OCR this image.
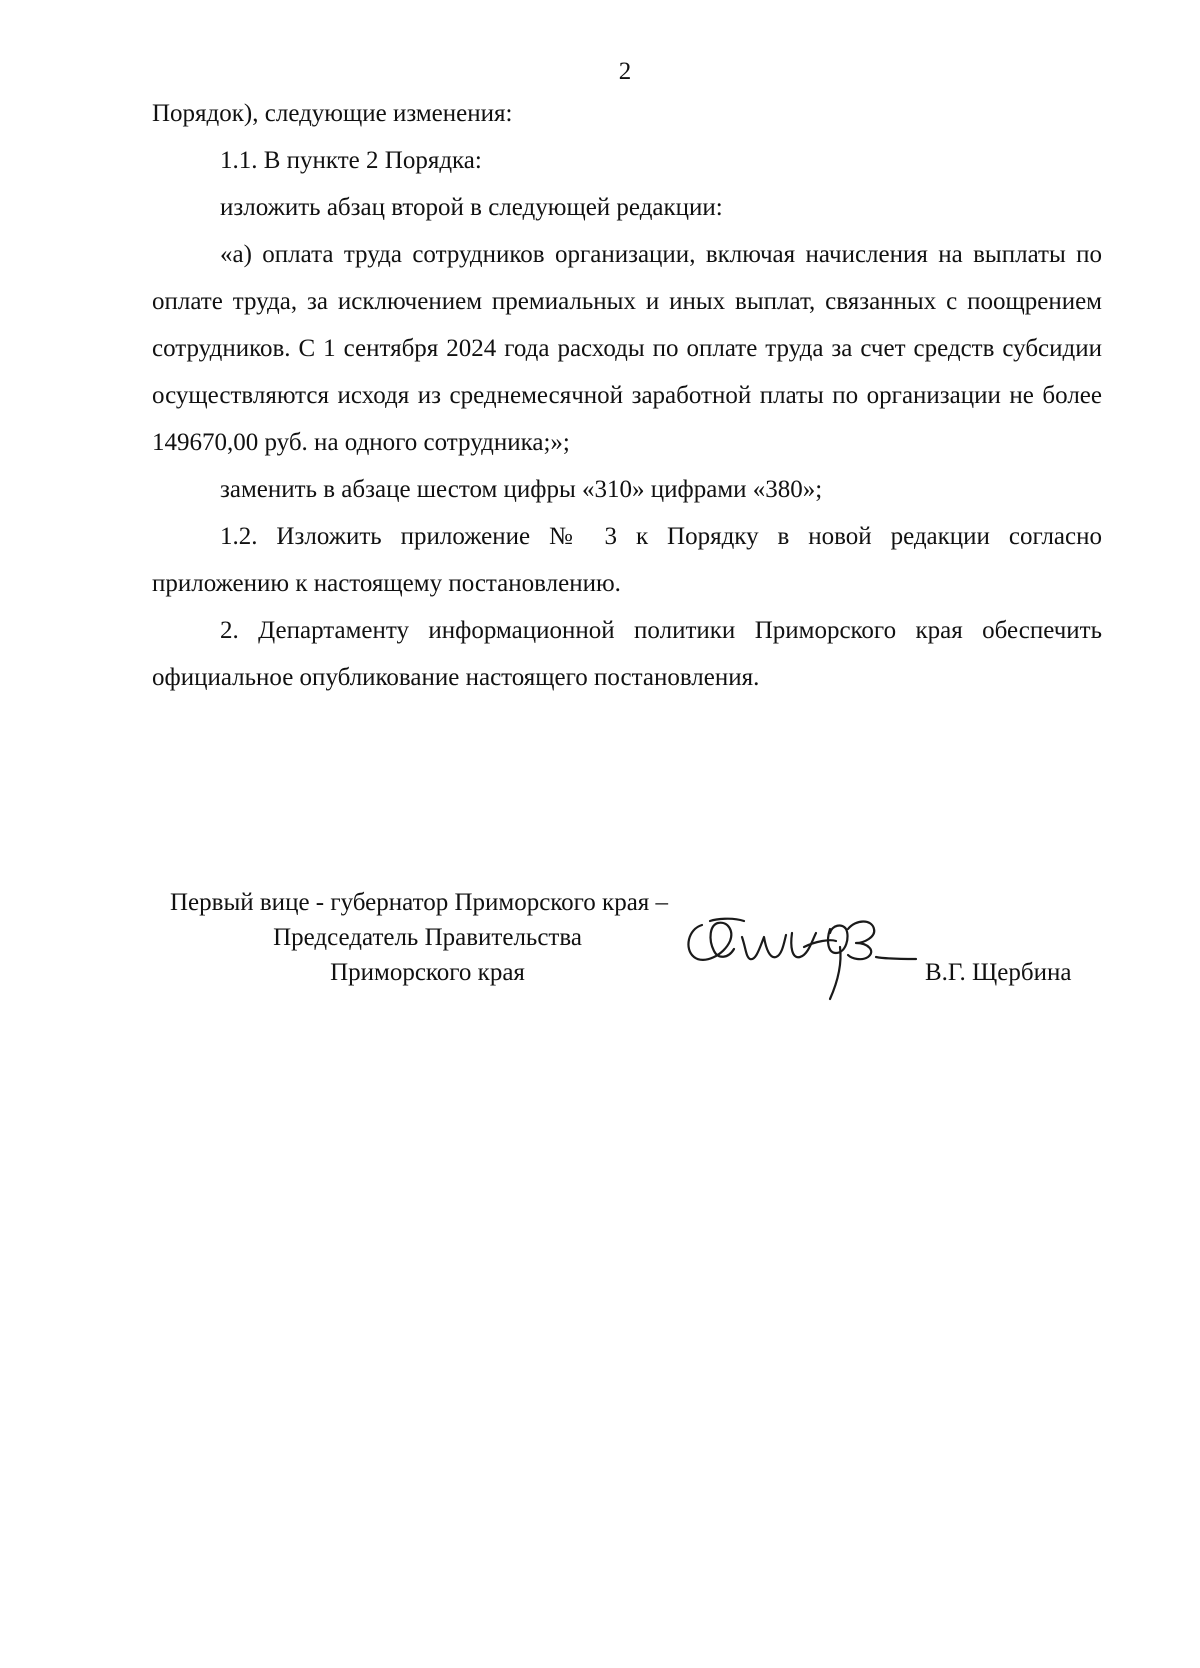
2

Порядок), следующие изменения:

1.1. В пункте 2 Порядка:

изложить абзац второй в следующей редакции:

«а) оплата труда сотрудников организации, включая начисления на выплаты по оплате труда, за исключением премиальных и иных выплат, связанных с поощрением сотрудников. С 1 сентября 2024 года расходы по оплате труда за счет средств субсидии осуществляются исходя из среднемесячной заработной платы по организации не более 149670,00 руб. на одного сотрудника;»;

заменить в абзаце шестом цифры «310» цифрами «380»;

1.2. Изложить приложение № 3 к Порядку в новой редакции согласно приложению к настоящему постановлению.

2. Департаменту информационной политики Приморского края обеспечить официальное опубликование настоящего постановления.

Первый вице - губернатор Приморского края –
Председатель Правительства
Приморского края	В.Г. Щербина
